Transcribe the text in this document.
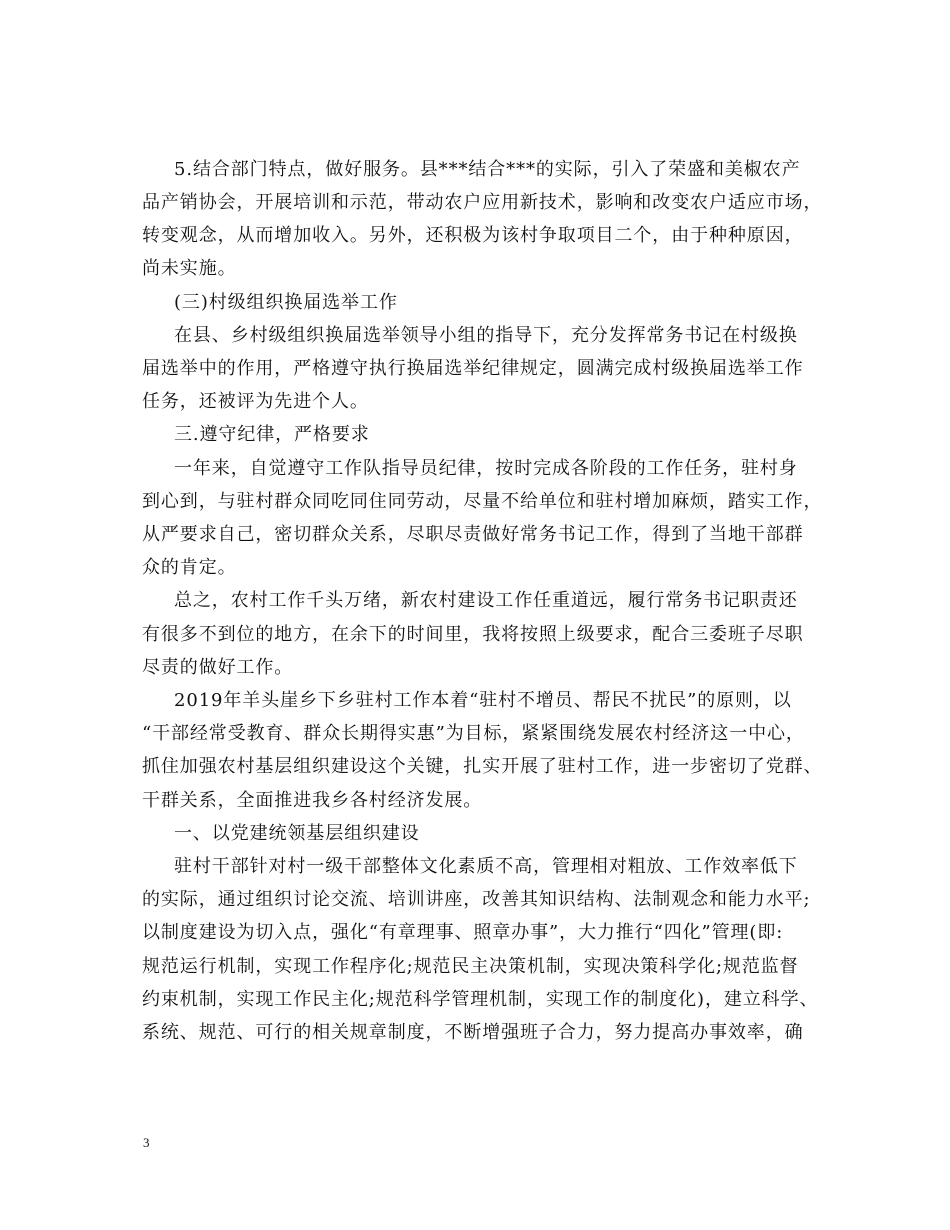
5.结合部门特点，做好服务。县***结合***的实际，引入了荣盛和美椒农产
品产销协会，开展培训和示范，带动农户应用新技术，影响和改变农户适应市场，
转变观念，从而增加收入。另外，还积极为该村争取项目二个，由于种种原因，
尚未实施。
(三)村级组织换届选举工作
在县、乡村级组织换届选举领导小组的指导下，充分发挥常务书记在村级换
届选举中的作用，严格遵守执行换届选举纪律规定，圆满完成村级换届选举工作
任务，还被评为先进个人。
三.遵守纪律，严格要求
一年来，自觉遵守工作队指导员纪律，按时完成各阶段的工作任务，驻村身
到心到，与驻村群众同吃同住同劳动，尽量不给单位和驻村增加麻烦，踏实工作，
从严要求自己，密切群众关系，尽职尽责做好常务书记工作，得到了当地干部群
众的肯定。
总之，农村工作千头万绪，新农村建设工作任重道远，履行常务书记职责还
有很多不到位的地方，在余下的时间里，我将按照上级要求，配合三委班子尽职
尽责的做好工作。
2019年羊头崖乡下乡驻村工作本着“驻村不增员、帮民不扰民”的原则，以
“干部经常受教育、群众长期得实惠”为目标，紧紧围绕发展农村经济这一中心，
抓住加强农村基层组织建设这个关键，扎实开展了驻村工作，进一步密切了党群、
干群关系，全面推进我乡各村经济发展。
一、以党建统领基层组织建设
驻村干部针对村一级干部整体文化素质不高，管理相对粗放、工作效率低下
的实际，通过组织讨论交流、培训讲座，改善其知识结构、法制观念和能力水平;
以制度建设为切入点，强化“有章理事、照章办事”，大力推行“四化”管理(即:
规范运行机制，实现工作程序化;规范民主决策机制，实现决策科学化;规范监督
约束机制，实现工作民主化;规范科学管理机制，实现工作的制度化)，建立科学、
系统、规范、可行的相关规章制度，不断增强班子合力，努力提高办事效率，确
3
